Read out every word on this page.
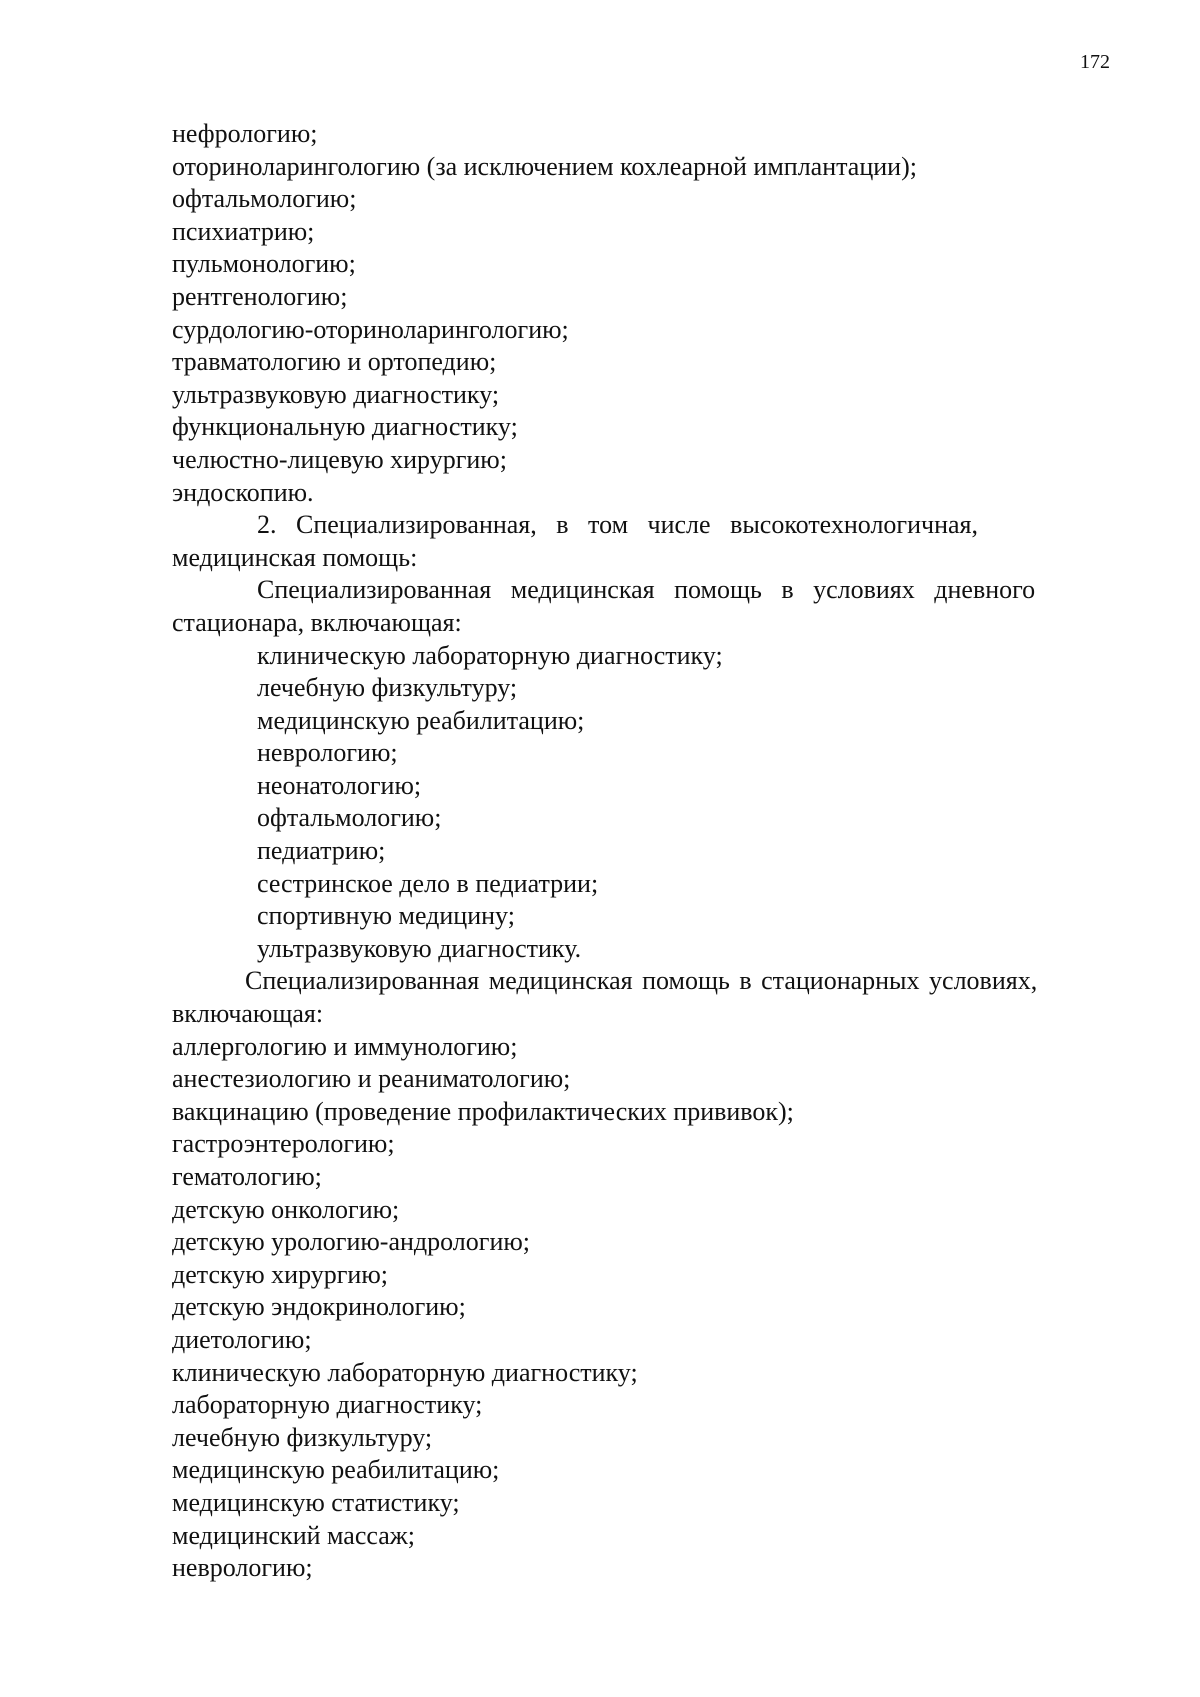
172
нефрологию;
оториноларингологию (за исключением кохлеарной имплантации);
офтальмологию;
психиатрию;
пульмонологию;
рентгенологию;
сурдологию-оториноларингологию;
травматологию и ортопедию;
ультразвуковую диагностику;
функциональную диагностику;
челюстно-лицевую хирургию;
эндоскопию.
2.   Специализированная,   в   том   числе   высокотехнологичная,
медицинская помощь:
Специализированная медицинская помощь в условиях дневного
стационара, включающая:
клиническую лабораторную диагностику;
лечебную физкультуру;
медицинскую реабилитацию;
неврологию;
неонатологию;
офтальмологию;
педиатрию;
сестринское дело в педиатрии;
спортивную медицину;
ультразвуковую диагностику.
Специализированная медицинская помощь в стационарных условиях,
включающая:
аллергологию и иммунологию;
анестезиологию и реаниматологию;
вакцинацию (проведение профилактических прививок);
гастроэнтерологию;
гематологию;
детскую онкологию;
детскую урологию-андрологию;
детскую хирургию;
детскую эндокринологию;
диетологию;
клиническую лабораторную диагностику;
лабораторную диагностику;
лечебную физкультуру;
медицинскую реабилитацию;
медицинскую статистику;
медицинский массаж;
неврологию;
